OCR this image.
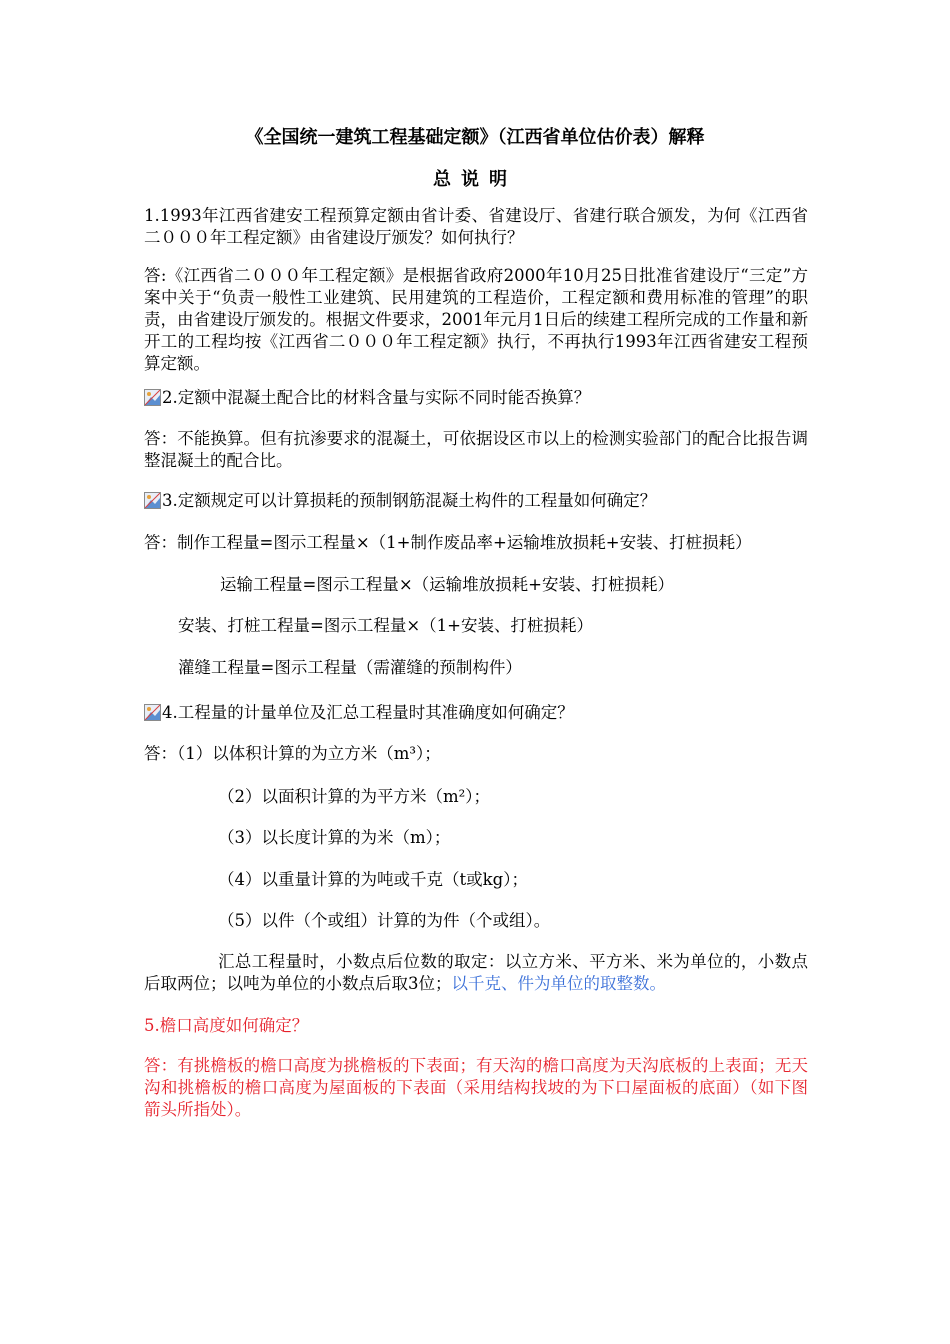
《全国统一建筑工程基础定额》（江西省单位估价表）解释
总说明
1.1993年江西省建安工程预算定额由省计委、省建设厅、省建行联合颁发，为何《江西省二０００年工程定额》由省建设厅颁发？如何执行？
答:《江西省二０００年工程定额》是根据省政府2000年10月25日批准省建设厅“三定”方案中关于“负责一般性工业建筑、民用建筑的工程造价，工程定额和费用标准的管理”的职责，由省建设厅颁发的。根据文件要求，2001年元月1日后的续建工程所完成的工作量和新开工的工程均按《江西省二０００年工程定额》执行，不再执行1993年江西省建安工程预算定额。
2.定额中混凝土配合比的材料含量与实际不同时能否换算？
答：不能换算。但有抗渗要求的混凝土，可依据设区市以上的检测实验部门的配合比报告调整混凝土的配合比。
3.定额规定可以计算损耗的预制钢筋混凝土构件的工程量如何确定？
答：制作工程量=图示工程量×（1+制作废品率+运输堆放损耗+安装、打桩损耗）
运输工程量=图示工程量×（运输堆放损耗+安装、打桩损耗）
安装、打桩工程量=图示工程量×（1+安装、打桩损耗）
灌缝工程量=图示工程量（需灌缝的预制构件）
4.工程量的计量单位及汇总工程量时其准确度如何确定？
答：（1）以体积计算的为立方米（m³）；
（2）以面积计算的为平方米（m²）；
（3）以长度计算的为米（m）；
（4）以重量计算的为吨或千克（t或kg）；
（5）以件（个或组）计算的为件（个或组）。
汇总工程量时，小数点后位数的取定：以立方米、平方米、米为单位的，小数点后取两位；以吨为单位的小数点后取3位；以千克、件为单位的取整数。
5.檐口高度如何确定？
答：有挑檐板的檐口高度为挑檐板的下表面；有天沟的檐口高度为天沟底板的上表面；无天沟和挑檐板的檐口高度为屋面板的下表面（采用结构找坡的为下口屋面板的底面）（如下图箭头所指处）。
